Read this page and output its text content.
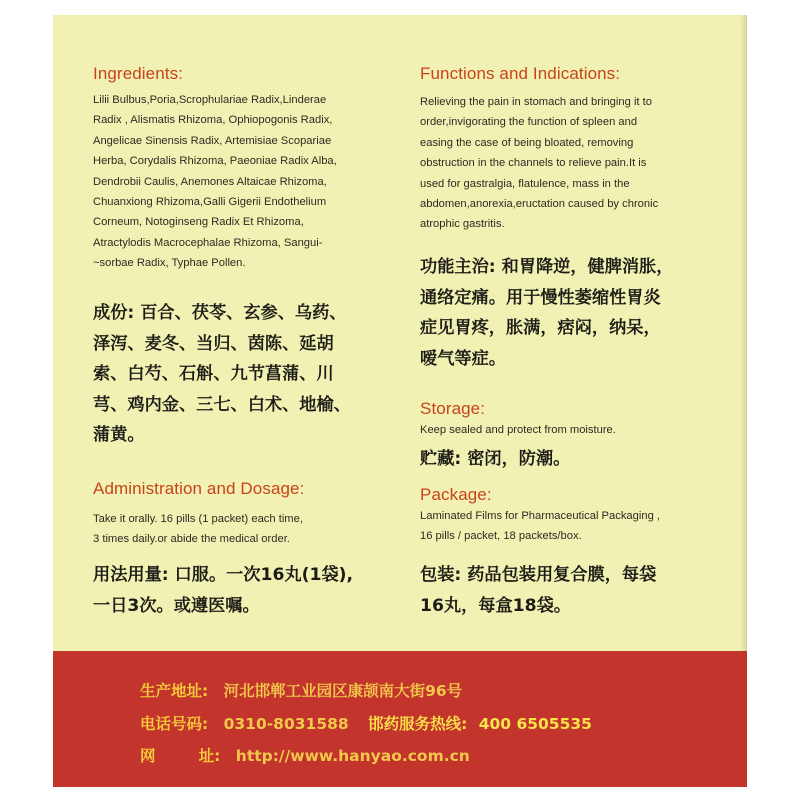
Ingredients:
Lilii Bulbus,Poria,Scrophulariae Radix,Linderae
Radix , Alismatis Rhizoma, Ophiopogonis Radix,
Angelicae Sinensis Radix, Artemisiae Scopariae
Herba, Corydalis Rhizoma, Paeoniae Radix Alba,
Dendrobii Caulis, Anemones Altaicae Rhizoma,
Chuanxiong Rhizoma,Galli Gigerii Endothelium
Corneum, Notoginseng Radix Et Rhizoma,
Atractylodis Macrocephalae Rhizoma, Sangui-
~sorbae Radix, Typhae Pollen.
成份: 百合、茯苓、玄参、乌药、
泽泻、麦冬、当归、茵陈、延胡
索、白芍、石斛、九节菖蒲、川
芎、鸡内金、三七、白术、地榆、
蒲黄。
Administration and Dosage:
Take it orally. 16 pills (1 packet) each time,
3 times daily.or abide the medical order.
用法用量: 口服。一次16丸(1袋),
一日3次。或遵医嘱。
Functions and Indications:
Relieving the pain in stomach and bringing it to
order,invigorating the function of spleen and
easing the case of being bloated, removing
obstruction in the channels to relieve pain.It is
used for gastralgia, flatulence, mass in the
abdomen,anorexia,eructation caused by chronic
atrophic gastritis.
功能主治: 和胃降逆，健脾消胀，
通络定痛。用于慢性萎缩性胃炎
症见胃疼，胀满，痞闷，纳呆，
嗳气等症。
Storage:
Keep sealed and protect from moisture.
贮藏: 密闭，防潮。
Package:
Laminated Films for Pharmaceutical Packaging ,
16 pills / packet, 18 packets/box.
包装: 药品包装用复合膜，每袋
16丸，每盒18袋。
生产地址: 河北邯郸工业园区康颉南大街96号
电话号码: 0310-8031588 邯药服务热线: 400 6505535
网        址: http://www.hanyao.com.cn
